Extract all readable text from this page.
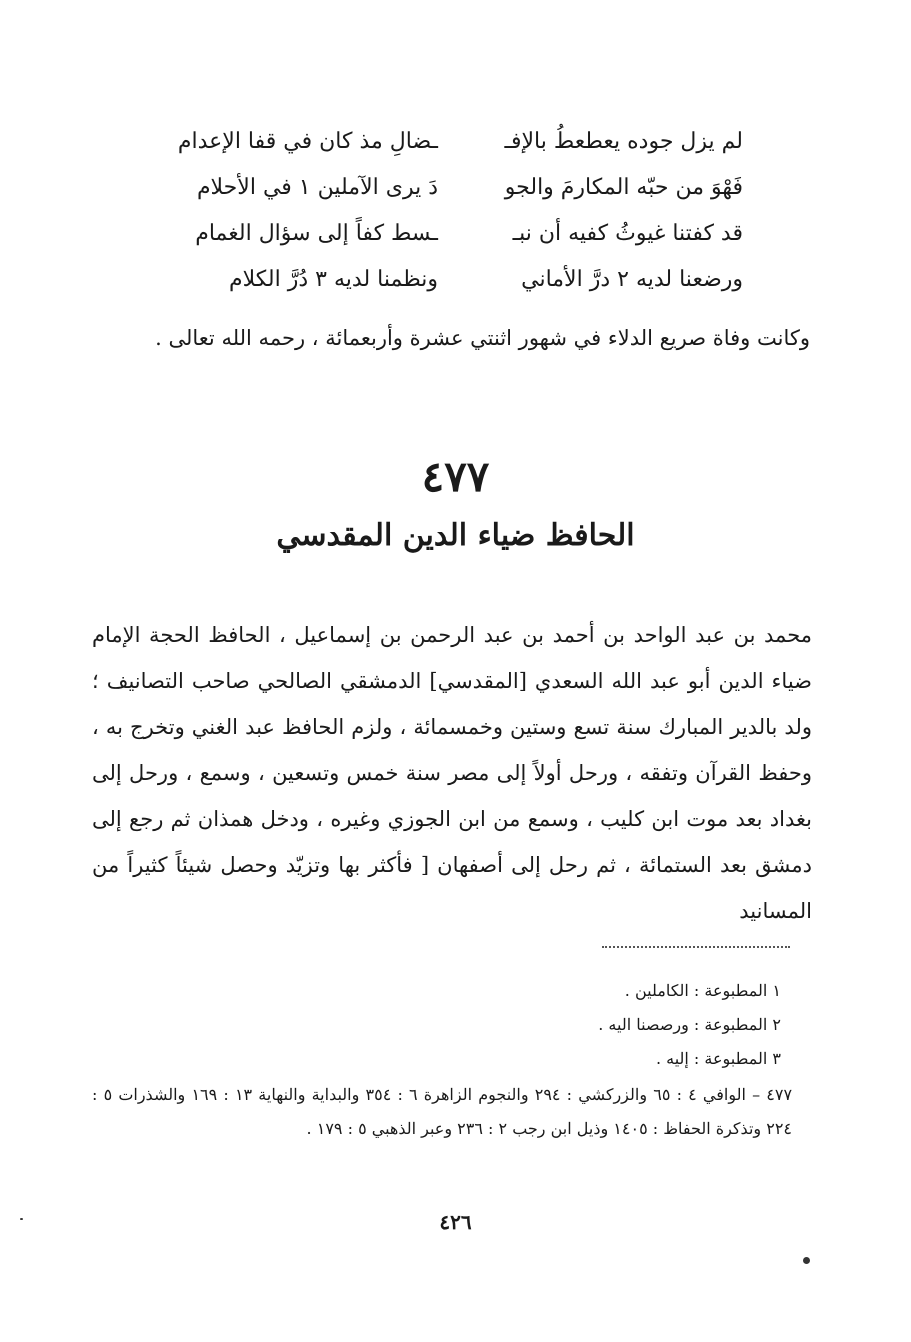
لم يزل جوده يعطعطُ بالإفـ
ـضالِ مذ كان في قفا الإعدام
فَهْوَ من حبّه المكارمَ والجو
دَ يرى الآملين ١ في الأحلام
قد كفتنا غيوثُ كفيه أن نبـ
ـسط كفاً إلى سؤال الغمام
ورضعنا لديه ٢ درَّ الأماني
ونظمنا لديه ٣ دُرَّ الكلام
وكانت وفاة صريع الدلاء في شهور اثنتي عشرة وأربعمائة ، رحمه الله تعالى .
٤٧٧
الحافظ ضياء الدين المقدسي
محمد بن عبد الواحد بن أحمد بن عبد الرحمن بن إسماعيل ، الحافظ الحجة الإمام ضياء الدين أبو عبد الله السعدي [المقدسي] الدمشقي الصالحي صاحب التصانيف ؛ ولد بالدير المبارك سنة تسع وستين وخمسمائة ، ولزم الحافظ عبد الغني وتخرج به ، وحفظ القرآن وتفقه ، ورحل أولاً إلى مصر سنة خمس وتسعين ، وسمع ، ورحل إلى بغداد بعد موت ابن كليب ، وسمع من ابن الجوزي وغيره ، ودخل همذان ثم رجع إلى دمشق بعد الستمائة ، ثم رحل إلى أصفهان [ فأكثر بها وتزيّد وحصل شيئاً كثيراً من المسانيد
١ المطبوعة : الكاملين .
٢ المطبوعة : ورصصنا اليه .
٣ المطبوعة : إليه .
٤٧٧ – الوافي ٤ : ٦٥ والزركشي : ٢٩٤ والنجوم الزاهرة ٦ : ٣٥٤ والبداية والنهاية ١٣ : ١٦٩ والشذرات ٥ : ٢٢٤ وتذكرة الحفاظ : ١٤٠٥ وذيل ابن رجب ٢ : ٢٣٦ وعبر الذهبي ٥ : ١٧٩ .
٤٢٦
